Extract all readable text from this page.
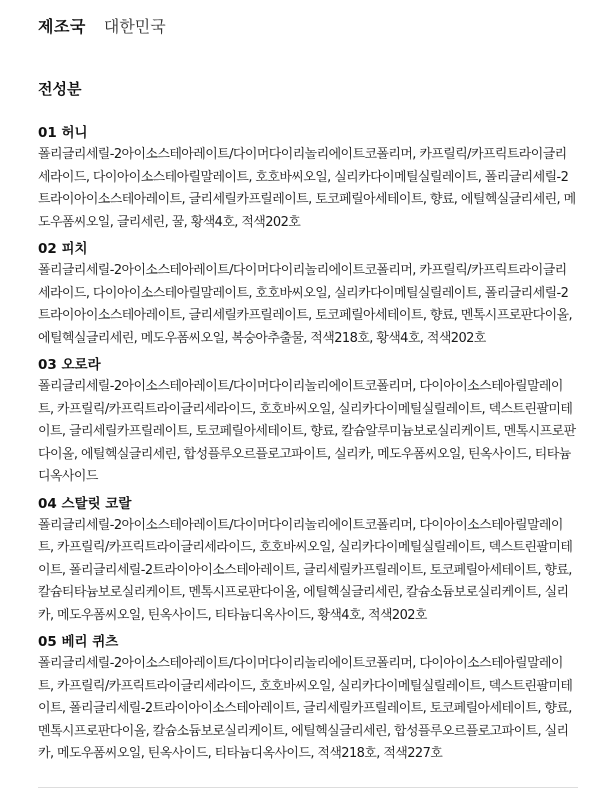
제조국 대한민국
전성분
01 허니
폴리글리세릴-2아이소스테아레이트/다이머다이리놀리에이트코폴리머, 카프릴릭/카프릭트라이글리세라이드, 다이아이소스테아릴말레이트, 호호바씨오일, 실리카다이메틸실릴레이트, 폴리글리세릴-2트라이아이소스테아레이트, 글리세릴카프릴레이트, 토코페릴아세테이트, 향료, 에틸헥실글리세린, 메도우폼씨오일, 글리세린, 꿀, 황색4호, 적색202호
02 피치
폴리글리세릴-2아이소스테아레이트/다이머다이리놀리에이트코폴리머, 카프릴릭/카프릭트라이글리세라이드, 다이아이소스테아릴말레이트, 호호바씨오일, 실리카다이메틸실릴레이트, 폴리글리세릴-2트라이아이소스테아레이트, 글리세릴카프릴레이트, 토코페릴아세테이트, 향료, 멘톡시프로판다이올, 에틸헥실글리세린, 메도우폼씨오일, 복숭아추출물, 적색218호, 황색4호, 적색202호
03 오로라
폴리글리세릴-2아이소스테아레이트/다이머다이리놀리에이트코폴리머, 다이아이소스테아릴말레이트, 카프릴릭/카프릭트라이글리세라이드, 호호바씨오일, 실리카다이메틸실릴레이트, 덱스트린팔미테이트, 글리세릴카프릴레이트, 토코페릴아세테이트, 향료, 칼슘알루미늄보로실리케이트, 멘톡시프로판다이올, 에틸헥실글리세린, 합성플루오르플로고파이트, 실리카, 메도우폼씨오일, 틴옥사이드, 티타늄디옥사이드
04 스탈릿 코랄
폴리글리세릴-2아이소스테아레이트/다이머다이리놀리에이트코폴리머, 다이아이소스테아릴말레이트, 카프릴릭/카프릭트라이글리세라이드, 호호바씨오일, 실리카다이메틸실릴레이트, 덱스트린팔미테이트, 폴리글리세릴-2트라이아이소스테아레이트, 글리세릴카프릴레이트, 토코페릴아세테이트, 향료, 칼슘티타늄보로실리케이트, 멘톡시프로판다이올, 에틸헥실글리세린, 칼슘소듐보로실리케이트, 실리카, 메도우폼씨오일, 틴옥사이드, 티타늄디옥사이드, 황색4호, 적색202호
05 베리 퀴츠
폴리글리세릴-2아이소스테아레이트/다이머다이리놀리에이트코폴리머, 다이아이소스테아릴말레이트, 카프릴릭/카프릭트라이글리세라이드, 호호바씨오일, 실리카다이메틸실릴레이트, 덱스트린팔미테이트, 폴리글리세릴-2트라이아이소스테아레이트, 글리세릴카프릴레이트, 토코페릴아세테이트, 향료, 멘톡시프로판다이올, 칼슘소듐보로실리케이트, 에틸헥실글리세린, 합성플루오르플로고파이트, 실리카, 메도우폼씨오일, 틴옥사이드, 티타늄디옥사이드, 적색218호, 적색227호
